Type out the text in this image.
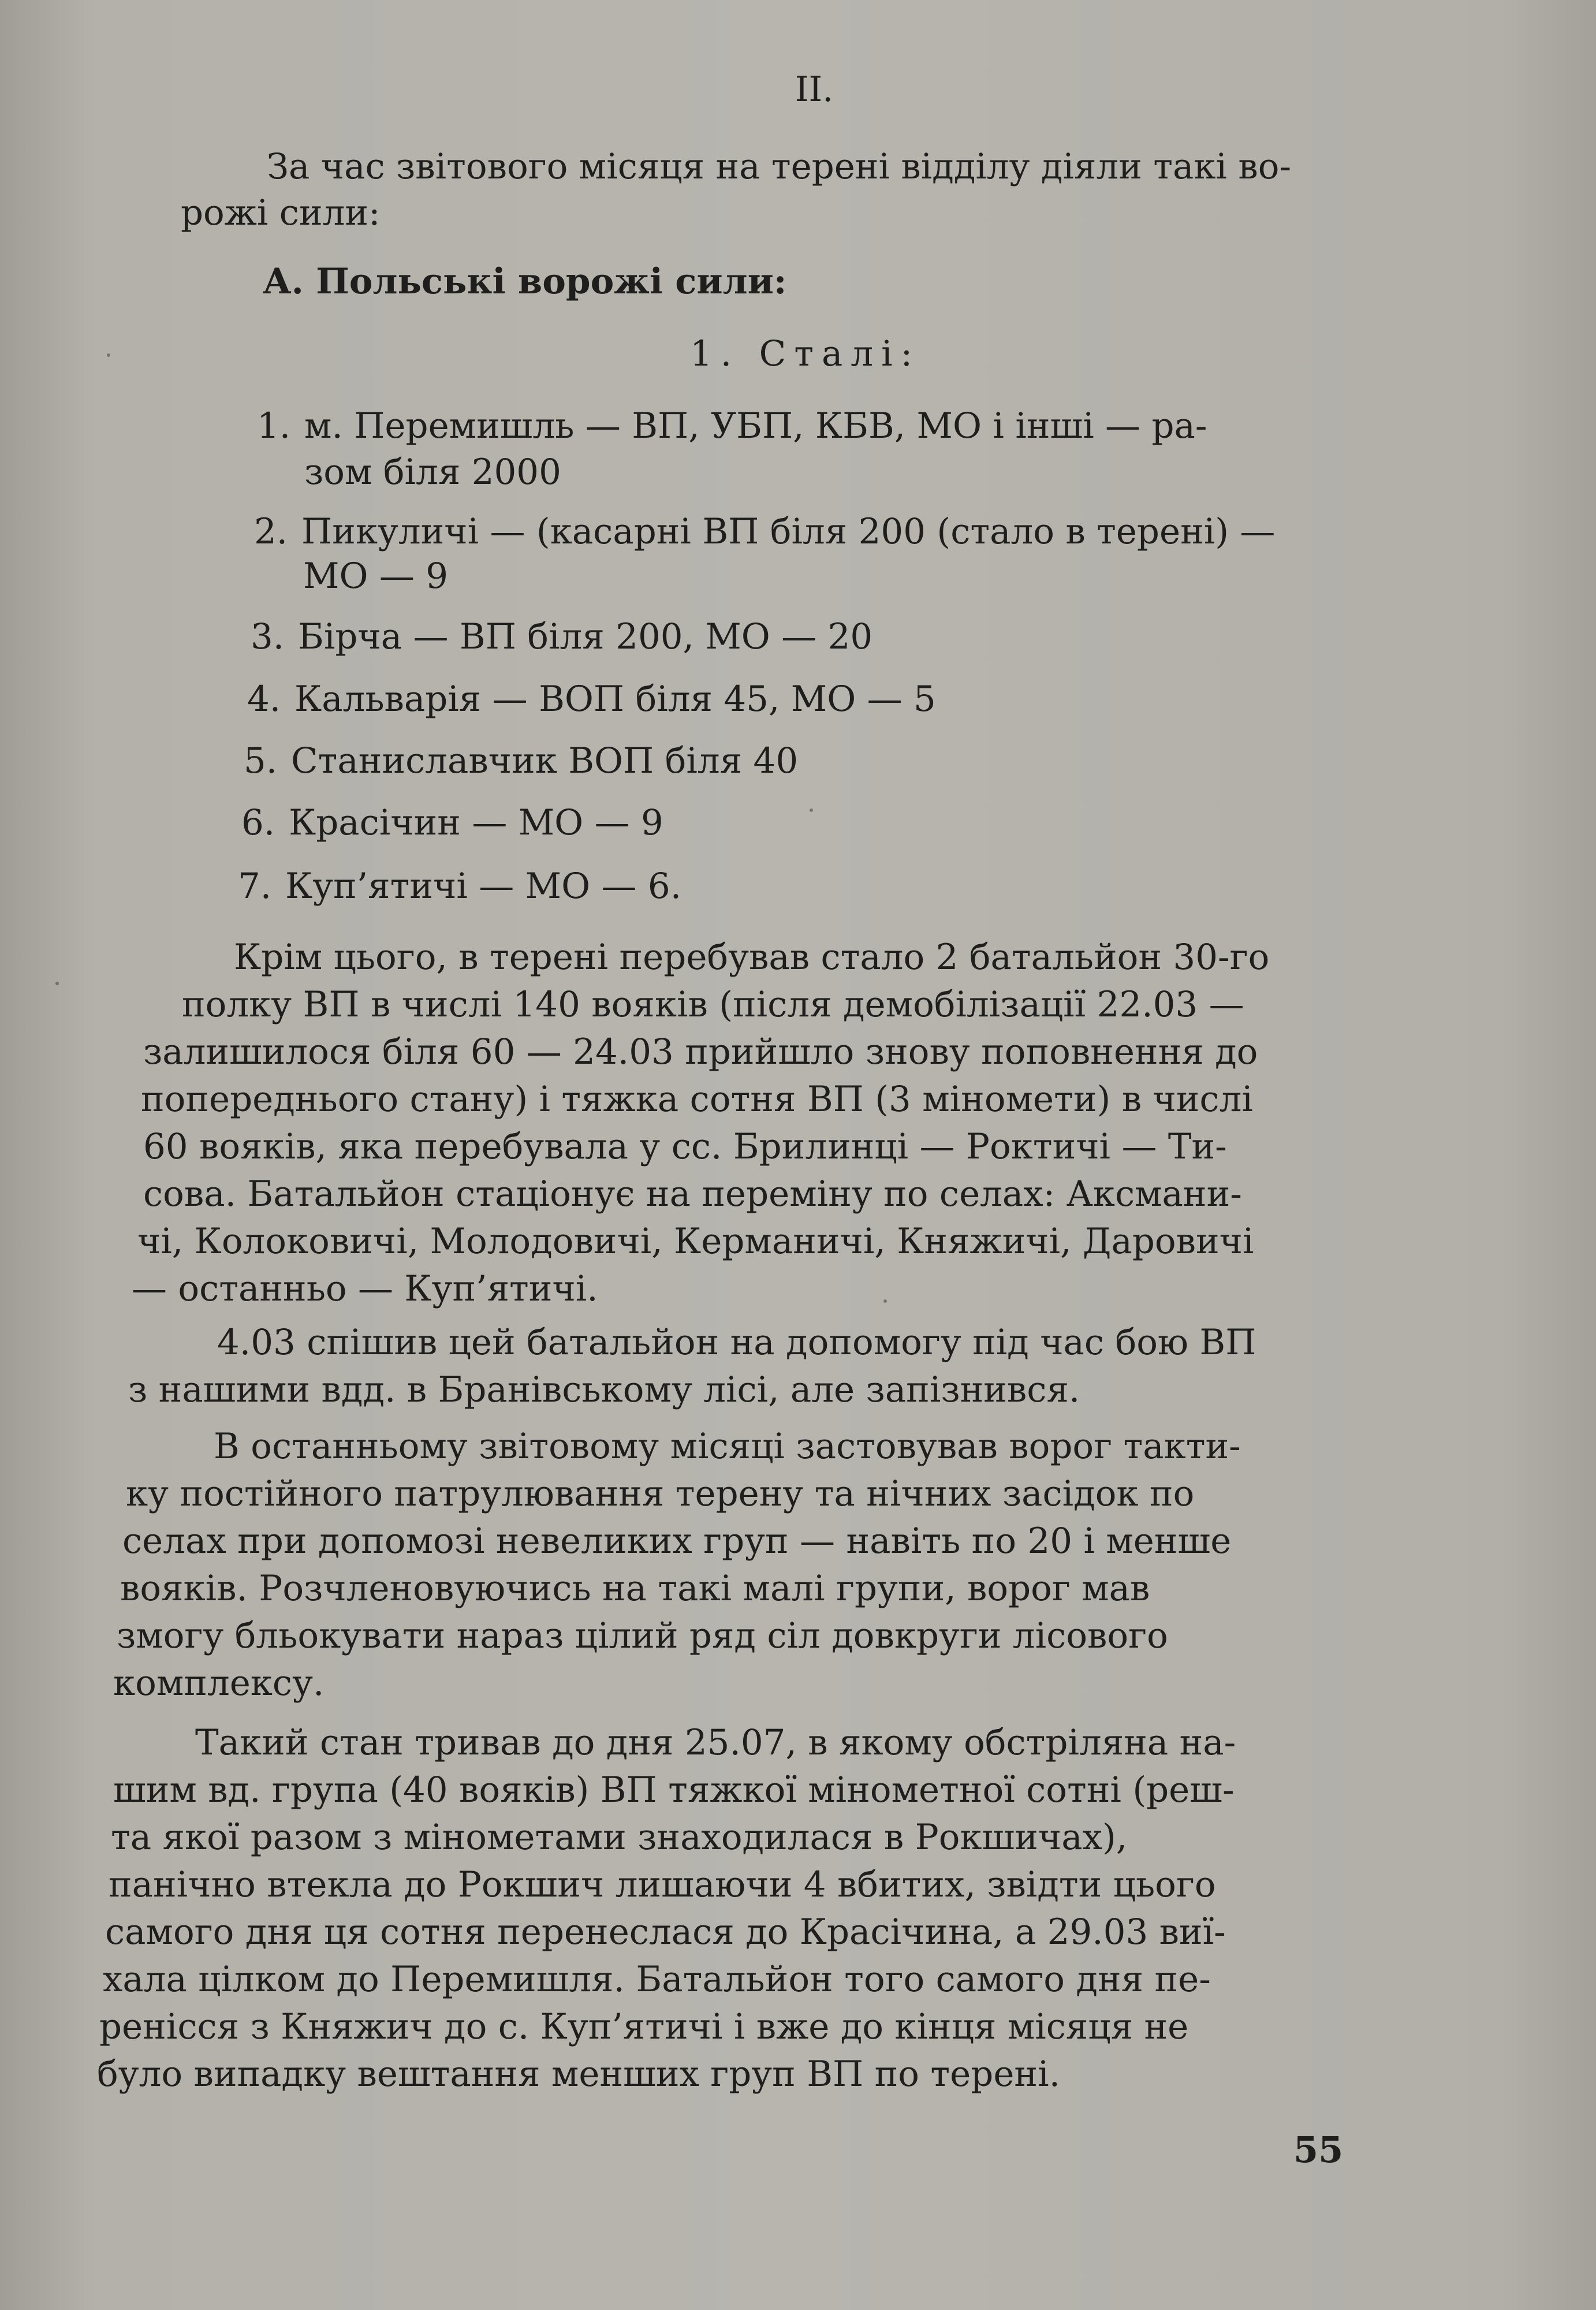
II.

За час звітового місяця на терені відділу діяли такі во-

рожі сили:

А. Польські ворожі сили:

1. Сталі:

1. м. Перемишль — ВП, УБП, КБВ, МО і інші — ра-

зом біля 2000

2. Пикуличі — (касарні ВП біля 200 (стало в терені) —

МО — 9

3. Бірча — ВП біля 200, МО — 20

4. Кальварія — ВОП біля 45, МО — 5

5. Станиславчик ВОП біля 40

6. Красічин — МО — 9

7. Куп’ятичі — МО — 6.

Крім цього, в терені перебував стало 2 батальйон 30-го

полку ВП в числі 140 вояків (після демобілізації 22.03 —

залишилося біля 60 — 24.03 прийшло знову поповнення до

попереднього стану) і тяжка сотня ВП (3 міномети) в числі

60 вояків, яка перебувала у сс. Брилинці — Роктичі — Ти-

сова. Батальйон стаціонує на переміну по селах: Аксмани-

чі, Колоковичі, Молодовичі, Керманичі, Княжичі, Даровичі

— останньо — Куп’ятичі.

4.03 спішив цей батальйон на допомогу під час бою ВП

з нашими вдд. в Бранівському лісі, але запізнився.

В останньому звітовому місяці застовував ворог такти-

ку постійного патрулювання терену та нічних засідок по

селах при допомозі невеликих груп — навіть по 20 і менше

вояків. Розчленовуючись на такі малі групи, ворог мав

змогу бльокувати нараз цілий ряд сіл довкруги лісового

комплексу.

Такий стан тривав до дня 25.07, в якому обстріляна на-

шим вд. група (40 вояків) ВП тяжкої мінометної сотні (реш-

та якої разом з мінометами знаходилася в Рокшичах),

панічно втекла до Рокшич лишаючи 4 вбитих, звідти цього

самого дня ця сотня перенеслася до Красічина, а 29.03 виї-

хала цілком до Перемишля. Батальйон того самого дня пе-

ренісся з Княжич до с. Куп’ятичі і вже до кінця місяця не

було випадку вештання менших груп ВП по терені.

55
